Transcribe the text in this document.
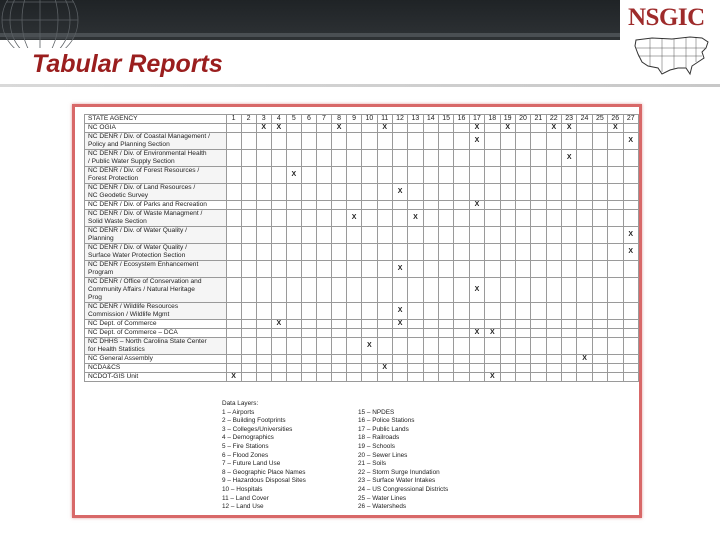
NSGIC
Tabular Reports
STATE AGENCY	1	2	3	4	5	6	7	8	9	10	11	12	13	14	15	16	17	18	19	20	21	22	23	24	25	26	27

NC OGIA			X	X				X			X						X		X			X	X			X	

NC DENR / Div. of Coastal Management /
Policy and Planning Section																	X										X

NC DENR / Div. of Environmental Health
/ Public Water Supply Section																							X				

NC DENR / Div. of Forest Resources /
Forest Protection					X																						

NC DENR / Div. of Land Resources /
NC Geodetic Survey												X															

NC DENR / Div. of Parks and Recreation																	X										

NC DENR / Div. of Waste Managment /
Solid Waste Section									X				X														

NC DENR / Div. of Water Quality /
Planning																											X

NC DENR / Div. of Water Quality /
Surface Water Protection Section																											X

NC DENR / Ecosystem Enhancement
Program												X															

NC DENR / Office of Conservation and
Community Affairs / Natural Heritage
Prog																	X										

NC DENR / Wildlife Resources
Commission / Wildlife Mgmt												X															

NC Dept. of Commerce				X								X															

NC Dept. of Commerce – DCA																	X	X									

NC DHHS – North Carolina State Center
for Health Statistics										X																	

NC General Assembly																								X			

NCDA&CS											X																

NCDOT-GIS Unit	X																	X									
Data Layers:
1 – Airports
2 – Building Footprints
3 – Colleges/Universities
4 – Demographics
5 – Fire Stations
6 – Flood Zones
7 – Future Land Use
8 – Geographic Place Names
9 – Hazardous Disposal Sites
10 – Hospitals
11 – Land Cover
12 – Land Use
15 – NPDES
16 – Police Stations
17 – Public Lands
18 – Railroads
19 – Schools
20 – Sewer Lines
21 – Soils
22 – Storm Surge Inundation
23 – Surface Water Intakes
24 – US Congressional Districts
25 – Water Lines
26 – Watersheds
